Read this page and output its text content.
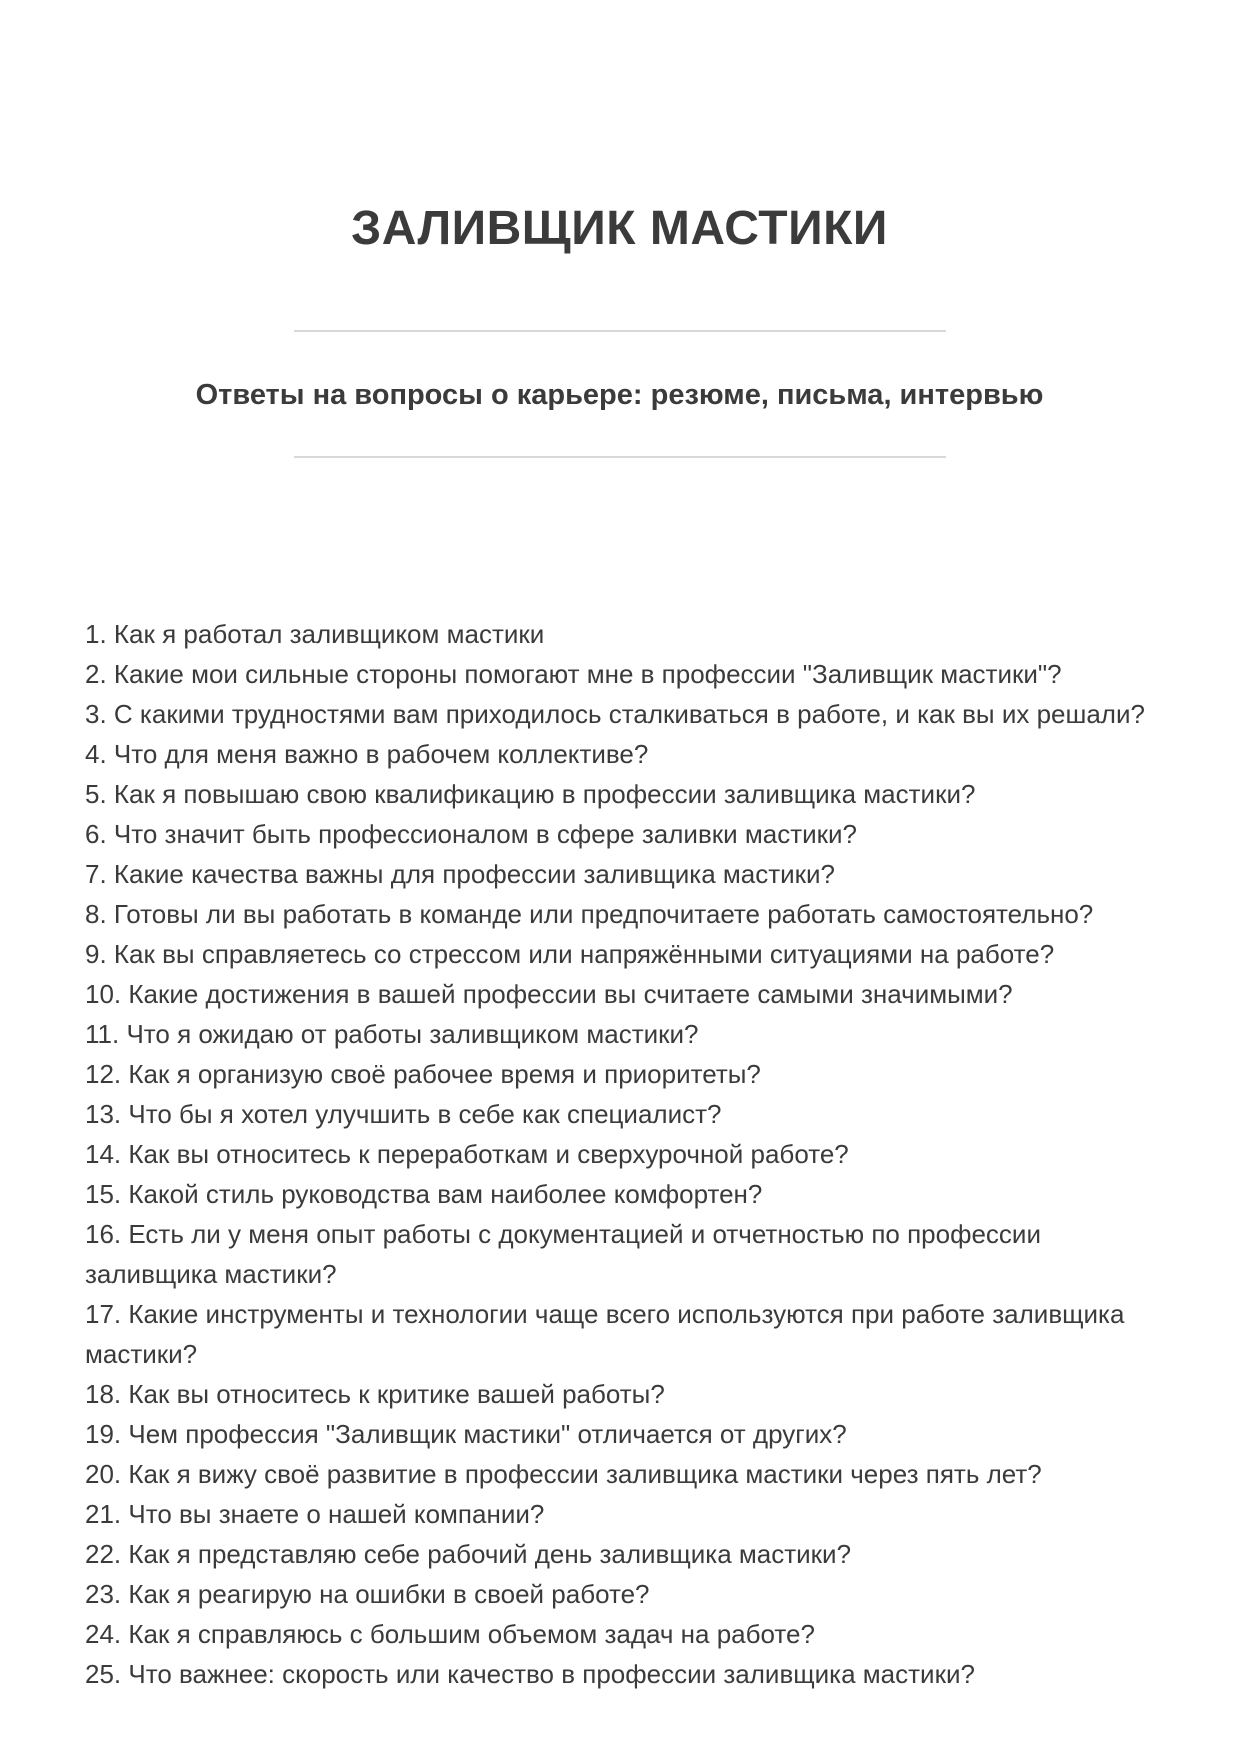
ЗАЛИВЩИК МАСТИКИ
Ответы на вопросы о карьере: резюме, письма, интервью
1. Как я работал заливщиком мастики
2. Какие мои сильные стороны помогают мне в профессии "Заливщик мастики"?
3. С какими трудностями вам приходилось сталкиваться в работе, и как вы их решали?
4. Что для меня важно в рабочем коллективе?
5. Как я повышаю свою квалификацию в профессии заливщика мастики?
6. Что значит быть профессионалом в сфере заливки мастики?
7. Какие качества важны для профессии заливщика мастики?
8. Готовы ли вы работать в команде или предпочитаете работать самостоятельно?
9. Как вы справляетесь со стрессом или напряжёнными ситуациями на работе?
10. Какие достижения в вашей профессии вы считаете самыми значимыми?
11. Что я ожидаю от работы заливщиком мастики?
12. Как я организую своё рабочее время и приоритеты?
13. Что бы я хотел улучшить в себе как специалист?
14. Как вы относитесь к переработкам и сверхурочной работе?
15. Какой стиль руководства вам наиболее комфортен?
16. Есть ли у меня опыт работы с документацией и отчетностью по профессии заливщика мастики?
17. Какие инструменты и технологии чаще всего используются при работе заливщика мастики?
18. Как вы относитесь к критике вашей работы?
19. Чем профессия "Заливщик мастики" отличается от других?
20. Как я вижу своё развитие в профессии заливщика мастики через пять лет?
21. Что вы знаете о нашей компании?
22. Как я представляю себе рабочий день заливщика мастики?
23. Как я реагирую на ошибки в своей работе?
24. Как я справляюсь с большим объемом задач на работе?
25. Что важнее: скорость или качество в профессии заливщика мастики?
